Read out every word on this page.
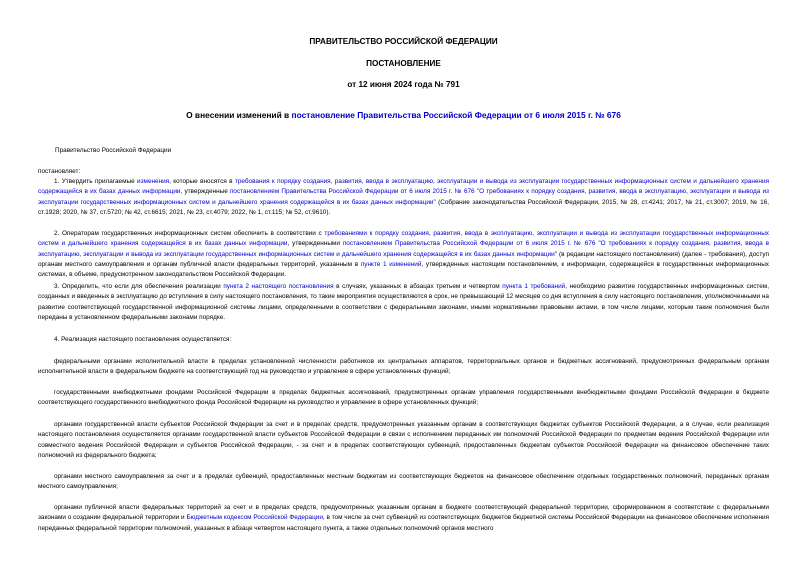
ПРАВИТЕЛЬСТВО РОССИЙСКОЙ ФЕДЕРАЦИИ
ПОСТАНОВЛЕНИЕ
от 12 июня 2024 года № 791
О внесении изменений в постановление Правительства Российской Федерации от 6 июля 2015 г. № 676
Правительство Российской Федерации
постановляет:
1. Утвердить прилагаемые изменения, которые вносятся в требования к порядку создания, развития, ввода в эксплуатацию, эксплуатации и вывода из эксплуатации государственных информационных систем и дальнейшего хранения содержащейся в их базах данных информации, утвержденные постановлением Правительства Российской Федерации от 6 июля 2015 г. № 676 "О требованиях к порядку создания, развития, ввода в эксплуатацию, эксплуатации и вывода из эксплуатации государственных информационных систем и дальнейшего хранения содержащейся в их базах данных информации" (Собрание законодательства Российской Федерации, 2015, № 28, ст.4241; 2017, № 21, ст.3007; 2019, № 16, ст.1928; 2020, № 37, ст.5720; № 42, ст.6615; 2021, № 23, ст.4079; 2022, № 1, ст.115; № 52, ст.9610).
2. Операторам государственных информационных систем обеспечить в соответствии с требованиями к порядку создания, развития, ввода в эксплуатацию, эксплуатации и вывода из эксплуатации государственных информационных систем и дальнейшего хранения содержащейся в их базах данных информации, утвержденными постановлением Правительства Российской Федерации от 6 июля 2015 г. № 676 "О требованиях к порядку создания, развития, ввода в эксплуатацию, эксплуатации и вывода из эксплуатации государственных информационных систем и дальнейшего хранения содержащейся в их базах данных информации" (в редакции настоящего постановления) (далее - требования), доступ органам местного самоуправления и органам публичной власти федеральных территорий, указанным в пункте 1 изменений, утвержденных настоящим постановлением, к информации, содержащейся в государственных информационных системах, в объеме, предусмотренном законодательством Российской Федерации.
3. Определить, что если для обеспечения реализации пункта 2 настоящего постановления в случаях, указанных в абзацах третьем и четвертом пункта 1 требований, необходимо развитие государственных информационных систем, созданных и введенных в эксплуатацию до вступления в силу настоящего постановления, то такие мероприятия осуществляются в срок, не превышающий 12 месяцев со дня вступления в силу настоящего постановления, уполномоченными на развитие соответствующей государственной информационной системы лицами, определенными в соответствии с федеральными законами, иными нормативными правовыми актами, в том числе лицами, которым такие полномочия были переданы в установленном федеральными законами порядке.
4. Реализация настоящего постановления осуществляется:
федеральными органами исполнительной власти в пределах установленной численности работников их центральных аппаратов, территориальных органов и бюджетных ассигнований, предусмотренных федеральным органам исполнительной власти в федеральном бюджете на соответствующий год на руководство и управление в сфере установленных функций;
государственными внебюджетными фондами Российской Федерации в пределах бюджетных ассигнований, предусмотренных органам управления государственными внебюджетными фондами Российской Федерации в бюджете соответствующего государственного внебюджетного фонда Российской Федерации на руководство и управление в сфере установленных функций;
органами государственной власти субъектов Российской Федерации за счет и в пределах средств, предусмотренных указанным органам в соответствующих бюджетах субъектов Российской Федерации, а в случае, если реализация настоящего постановления осуществляется органами государственной власти субъектов Российской Федерации в связи с исполнением переданных им полномочий Российской Федерации по предметам ведения Российской Федерации или совместного ведения Российской Федерации и субъектов Российской Федерации, - за счет и в пределах соответствующих субвенций, предоставленных бюджетам субъектов Российской Федерации на финансовое обеспечение таких полномочий из федерального бюджета;
органами местного самоуправления за счет и в пределах субвенций, предоставленных местным бюджетам из соответствующих бюджетов на финансовое обеспечение отдельных государственных полномочий, переданных органам местного самоуправления;
органами публичной власти федеральных территорий за счет и в пределах средств, предусмотренных указанным органам в бюджете соответствующей федеральной территории, сформированном в соответствии с федеральными законами о создании федеральной территории и Бюджетным кодексом Российской Федерации, в том числе за счет субвенций из соответствующих бюджетов бюджетной системы Российской Федерации на финансовое обеспечение исполнения переданных федеральной территории полномочий, указанных в абзаце четвертом настоящего пункта, а также отдельных полномочий органов местного
